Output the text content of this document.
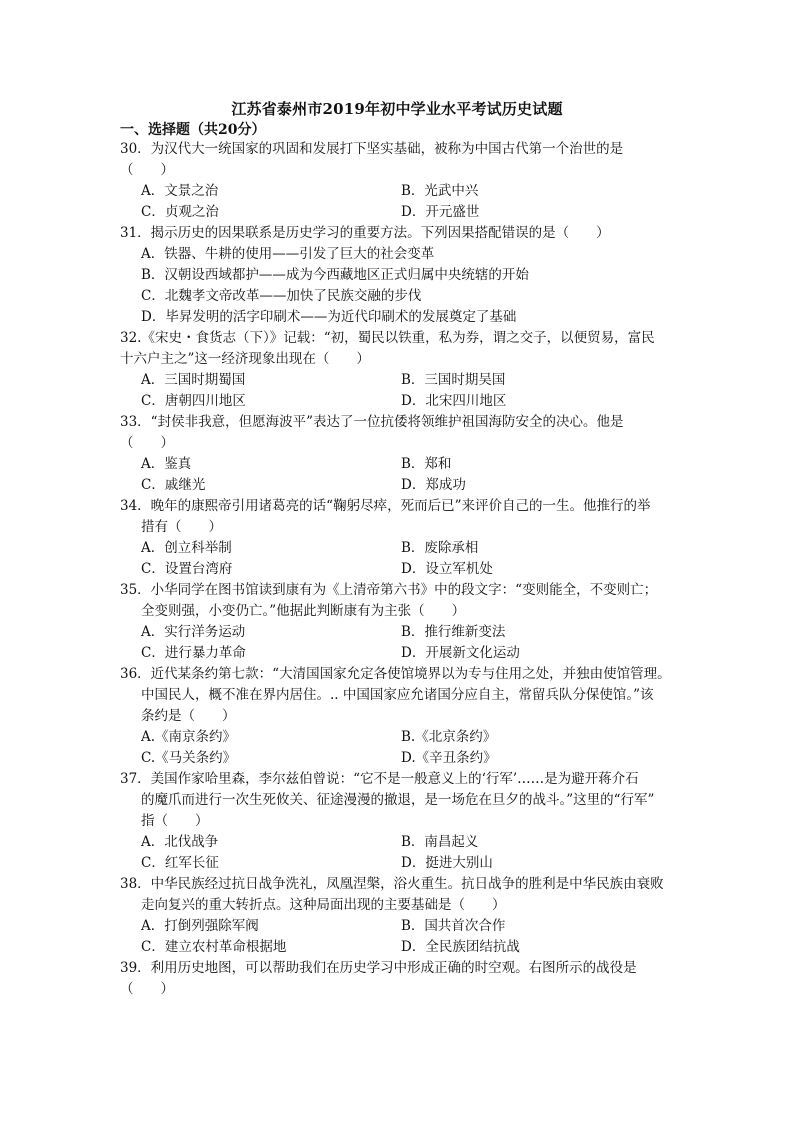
江苏省泰州市2019年初中学业水平考试历史试题
一、选择题（共20分）
30．为汉代大一统国家的巩固和发展打下坚实基础，被称为中国古代第一个治世的是
（　　）
A．文景之治	B．光武中兴
C．贞观之治	D．开元盛世
31．揭示历史的因果联系是历史学习的重要方法。下列因果搭配错误的是（　　）
A．铁器、牛耕的使用——引发了巨大的社会变革
B．汉朝设西域都护——成为今西藏地区正式归属中央统辖的开始
C．北魏孝文帝改革——加快了民族交融的步伐
D．毕昇发明的活字印刷术——为近代印刷术的发展奠定了基础
32.《宋史・食货志（下）》记载：“初，蜀民以铁重，私为券，谓之交子，以便贸易，富民
十六户主之”这一经济现象出现在（　　）
A．三国时期蜀国	B．三国时期吴国
C．唐朝四川地区	D．北宋四川地区
33．“封侯非我意，但愿海波平”表达了一位抗倭将领维护祖国海防安全的决心。他是
（　　）
A．鉴真	B．郑和
C．戚继光	D．郑成功
34．晚年的康熙帝引用诸葛亮的话“鞠躬尽瘁，死而后已”来评价自己的一生。他推行的举
措有（　　）
A．创立科举制	B．废除承相
C．设置台湾府	D．设立军机处
35．小华同学在图书馆读到康有为《上清帝第六书》中的段文字：“变则能全，不变则亡；
全变则强，小变仍亡。”他据此判断康有为主张（　　）
A．实行洋务运动	B．推行维新变法
C．进行暴力革命	D．开展新文化运动
36．近代某条约第七款：“大清国国家允定各使馆境界以为专与住用之处，并独由使馆管理。
中国民人，概不准在界内居住。.. 中国国家应允诸国分应自主，常留兵队分保使馆。”该
条约是（　　）
A.《南京条约》	B.《北京条约》
C.《马关条约》	D.《辛丑条约》
37．美国作家哈里森，李尔兹伯曾说：“它不是一般意义上的‘行军’……是为避开蒋介石
的魔爪而进行一次生死攸关、征途漫漫的撤退，是一场危在旦夕的战斗。”这里的“行军”
指（　　）
A．北伐战争	B．南昌起义
C．红军长征	D．挺进大别山
38．中华民族经过抗日战争洗礼，凤凰涅槃，浴火重生。抗日战争的胜利是中华民族由衰败
走向复兴的重大转折点。这种局面出现的主要基础是（　　）
A．打倒列强除军阀	B．国共首次合作
C．建立农村革命根据地	D．全民族团结抗战
39．利用历史地图，可以帮助我们在历史学习中形成正确的时空观。右图所示的战役是
（　　）
